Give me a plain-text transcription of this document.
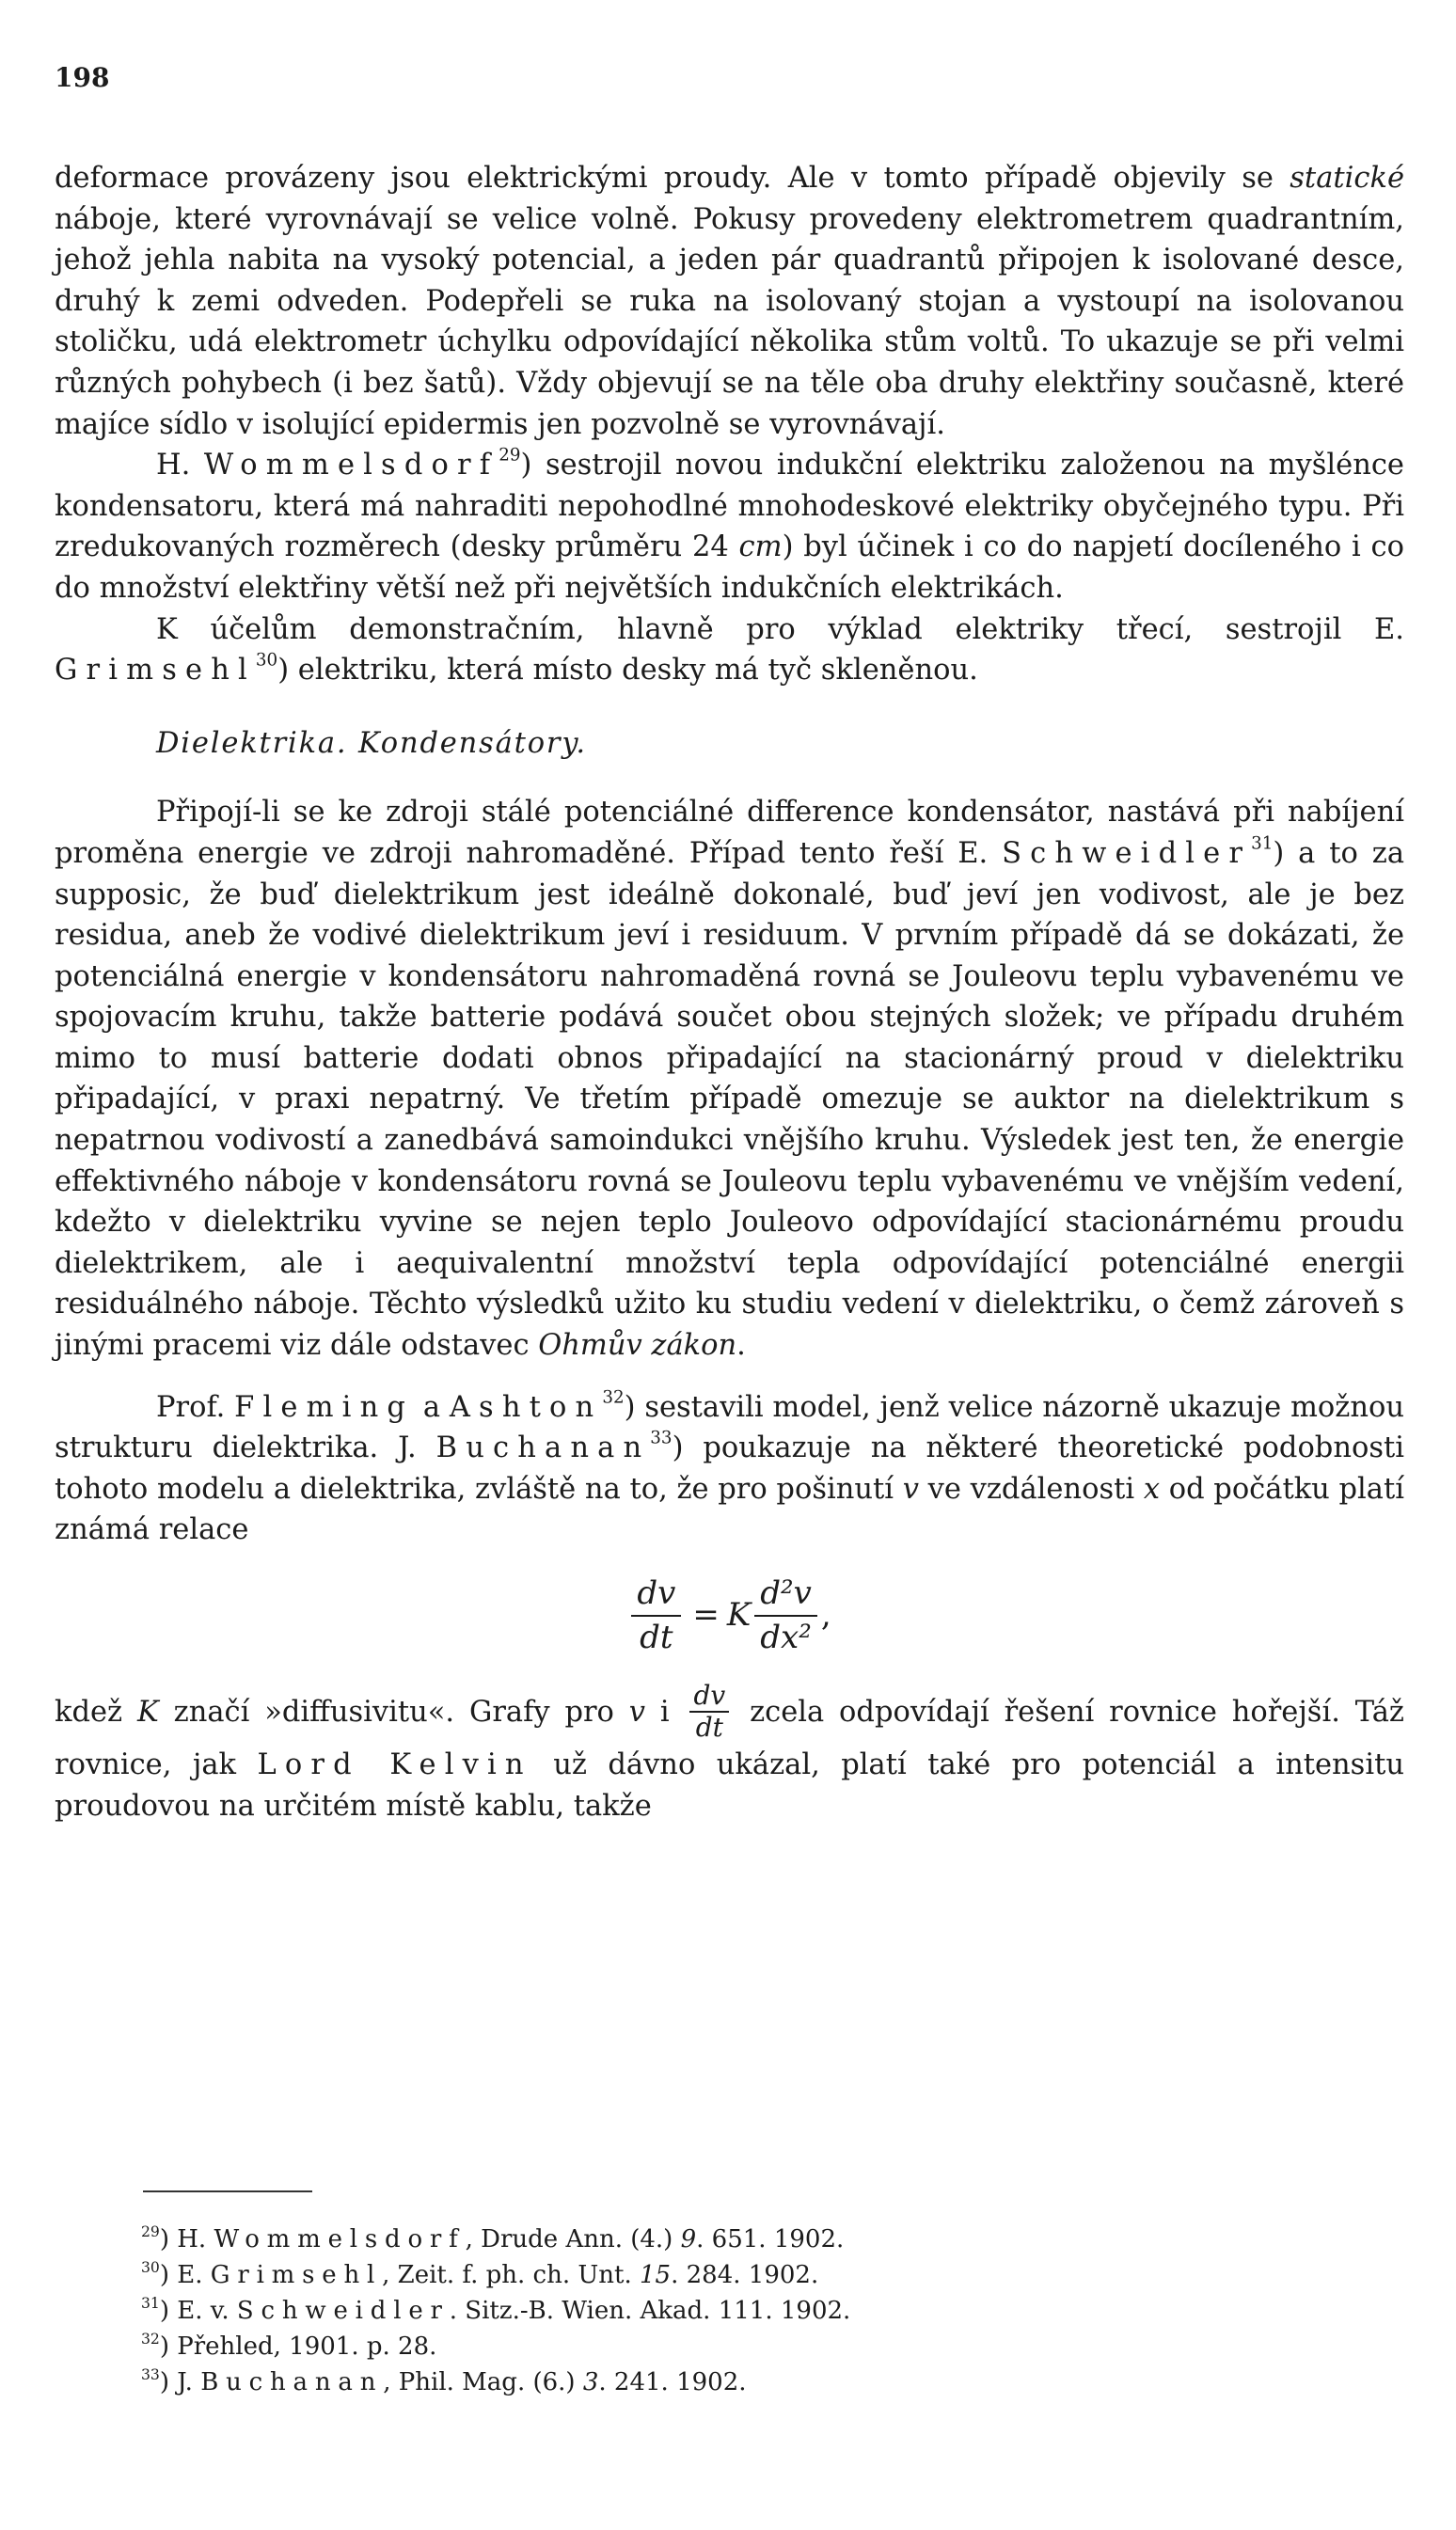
198

deformace provázeny jsou elektrickými proudy. Ale v tomto případě objevily se statické náboje, které vyrovnávají se velice volně. Pokusy provedeny elektrometrem quadrantním, jehož jehla nabita na vysoký potencial, a jeden pár quadrantů připojen k isolované desce, druhý k zemi odveden. Podepřeli se ruka na isolovaný stojan a vystoupí na isolovanou stoličku, udá elektrometr úchylku odpovídající několika stům voltů. To ukazuje se při velmi různých pohybech (i bez šatů). Vždy objevují se na těle oba druhy elektřiny současně, které majíce sídlo v isolující epidermis jen pozvolně se vyrovnávají.

H. Wommelsdorf$^{29}$) sestrojil novou indukční elektriku založenou na myšlénce kondensatoru, která má nahraditi nepohodlné mnohodeskové elektriky obyčejného typu. Při zredukovaných rozměrech (desky průměru 24 cm) byl účinek i co do napjetí docíleného i co do množství elektřiny větší než při největších indukčních elektrikách.

K účelům demonstračním, hlavně pro výklad elektriky třecí, sestrojil E. Grimsehl$^{30}$) elektriku, která místo desky má tyč skleněnou.

Dielektrika. Kondensátory.

Připojí-li se ke zdroji stálé potenciálné difference kondensátor, nastává při nabíjení proměna energie ve zdroji nahromaděné. Případ tento řeší E. Schweidler$^{31}$) a to za supposic, že buď dielektrikum jest ideálně dokonalé, buď jeví jen vodivost, ale je bez residua, aneb že vodivé dielektrikum jeví i residuum. V prvním případě dá se dokázati, že potenciálná energie v kondensátoru nahromaděná rovná se Jouleovu teplu vybavenému ve spojovacím kruhu, takže batterie podává součet obou stejných složek; ve případu druhém mimo to musí batterie dodati obnos připadající na stacionárný proud v dielektriku připadající, v praxi nepatrný. Ve třetím případě omezuje se auktor na dielektrikum s nepatrnou vodivostí a zanedbává samoindukci vnějšího kruhu. Výsledek jest ten, že energie effektivného náboje v kondensátoru rovná se Jouleovu teplu vybavenému ve vnějším vedení, kdežto v dielektriku vyvine se nejen teplo Jouleovo odpovídající stacionárnému proudu dielektrikem, ale i aequivalentní množství tepla odpovídající potenciálné energii residuálného náboje. Těchto výsledků užito ku studiu vedení v dielektriku, o čemž zároveň s jinými pracemi viz dále odstavec Ohmův zákon.

Prof. Fleming a Ashton$^{32}$) sestavili model, jenž velice názorně ukazuje možnou strukturu dielektrika. J. Buchanan$^{33}$) poukazuje na některé theoretické podobnosti tohoto modelu a dielektrika, zvláště na to, že pro pošinutí v ve vzdálenosti x od počátku platí známá relace

$\frac{dv}{dt} = K \frac{\text{d²v}}{\text{dx²}}$ ,

kdež K značí »diffusivitu«. Grafy pro v i $\frac{dv}{dt}$ zcela odpovídají řešení rovnice hořejší. Táž rovnice, jak Lord Kelvin už dávno ukázal, platí také pro potenciál a intensitu proudovou na určitém místě kablu, takže

$^{29}$) H. Wommelsdorf, Drude Ann. (4.) 9. 651. 1902.
$^{30}$) E. Grimsehl, Zeit. f. ph. ch. Unt. 15. 284. 1902.
$^{31}$) E. v. Schweidler. Sitz.-B. Wien. Akad. 111. 1902.
$^{32}$) Přehled, 1901. p. 28.
$^{33}$) J. Buchanan, Phil. Mag. (6.) 3. 241. 1902.
